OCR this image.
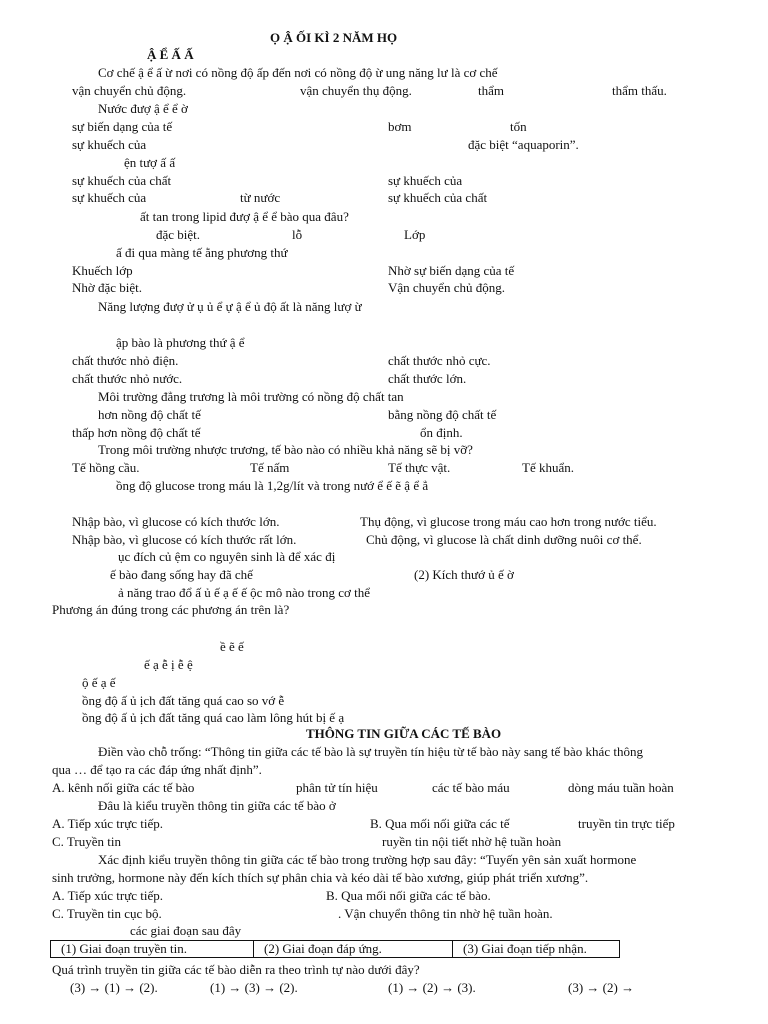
Ọ Ậ ỐI KÌ 2 NĂM HỌ
Ậ Ể Ấ Ấ
Cơ chế ậ ể ấ ừ nơi có nồng độ ấp đến nơi có nồng độ ừ ung năng lư là cơ chế
vận chuyển chủ động.	vận chuyển thụ động.	thẩm	thẩm thấu.
Nước đượ ậ ể ể ờ
sự biến dạng của tế	bơm	tốn
sự khuếch của	đặc biệt “aquaporin”.
ện tượ ấ ấ
sự khuếch của chất	sự khuếch của
sự khuếch của	từ nước	sự khuếch của chất
ất tan trong lipid đượ ậ ể ể bào qua đâu?
đặc biệt.	lỗ	Lớp
ấ đi qua màng tế ằng phương thứ
Khuếch lớp	Nhờ sự biến dạng của tế
Nhờ đặc biệt.	Vận chuyển chủ động.
Năng lượng đượ ử ụ ủ ể ự ậ ể ủ độ ất là năng lượ ừ
ập bào là phương thứ ậ ể
chất thước nhỏ điện.	chất thước nhỏ cực.
chất thước nhỏ nước.	chất thước lớn.
Môi trường đẳng trương là môi trường có nồng độ chất tan
hơn nồng độ chất tế	bằng nồng độ chất tế
thấp hơn nồng độ chất tế	ổn định.
Trong môi trường nhược trương, tế bào nào có nhiều khả năng sẽ bị vỡ?
Tế hồng cầu.	Tế nấm	Tế thực vật.	Tế khuẩn.
ồng độ glucose trong máu là 1,2g/lít và trong nướ ể ế ẽ ậ ể ẳ
Nhập bào, vì glucose có kích thước lớn.	Thụ động, vì glucose trong máu cao hơn trong nước tiểu.
Nhập bào, vì glucose có kích thước rất lớn.	Chủ động, vì glucose là chất dinh dưỡng nuôi cơ thể.
ục đích củ ệm co nguyên sinh là để xác đị
ế bào đang sống hay đã chế	(2) Kích thướ ủ ế ờ
ả năng trao đổ ấ ủ ế ạ ế ế ộc mô nào trong cơ thể
Phương án đúng trong các phương án trên là?
ề ẽ ế
ế ạ ễ ị ễ ệ
ộ ế ạ ế
ồng độ ấ ủ ịch đất tăng quá cao so vớ ễ
ồng độ ấ ủ ịch đất tăng quá cao làm lông hút bị ế ạ
THÔNG TIN GIỮA CÁC TẾ BÀO
Điền vào chỗ trống: “Thông tin giữa các tế bào là sự truyền tín hiệu từ tế bào này sang tế bào khác thông
qua … để tạo ra các đáp ứng nhất định”.
A. kênh nối giữa các tế bào	phân tử tín hiệu	các tế bào máu	dòng máu tuần hoàn
Đâu là kiểu truyền thông tin giữa các tế bào ở
A. Tiếp xúc trực tiếp.	B. Qua mối nối giữa các tế	truyền tin trực tiếp
C. Truyền tin	ruyền tin nội tiết nhờ hệ tuần hoàn
Xác định kiểu truyền thông tin giữa các tế bào trong trường hợp sau đây: “Tuyến yên sản xuất hormone
sinh trưởng, hormone này đến kích thích sự phân chia và kéo dài tế bào xương, giúp phát triển xương”.
A. Tiếp xúc trực tiếp.	B. Qua mối nối giữa các tế bào.
C. Truyền tin cục bộ.	. Vận chuyển thông tin nhờ hệ tuần hoàn.
các giai đoạn sau đây
(1) Giai đoạn truyền tin.	(2) Giai đoạn đáp ứng.	(3) Giai đoạn tiếp nhận.
Quá trình truyền tin giữa các tế bào diễn ra theo trình tự nào dưới đây?
(3) → (1) → (2).	(1) → (3) → (2).	(1) → (2) → (3).	(3) → (2) →
